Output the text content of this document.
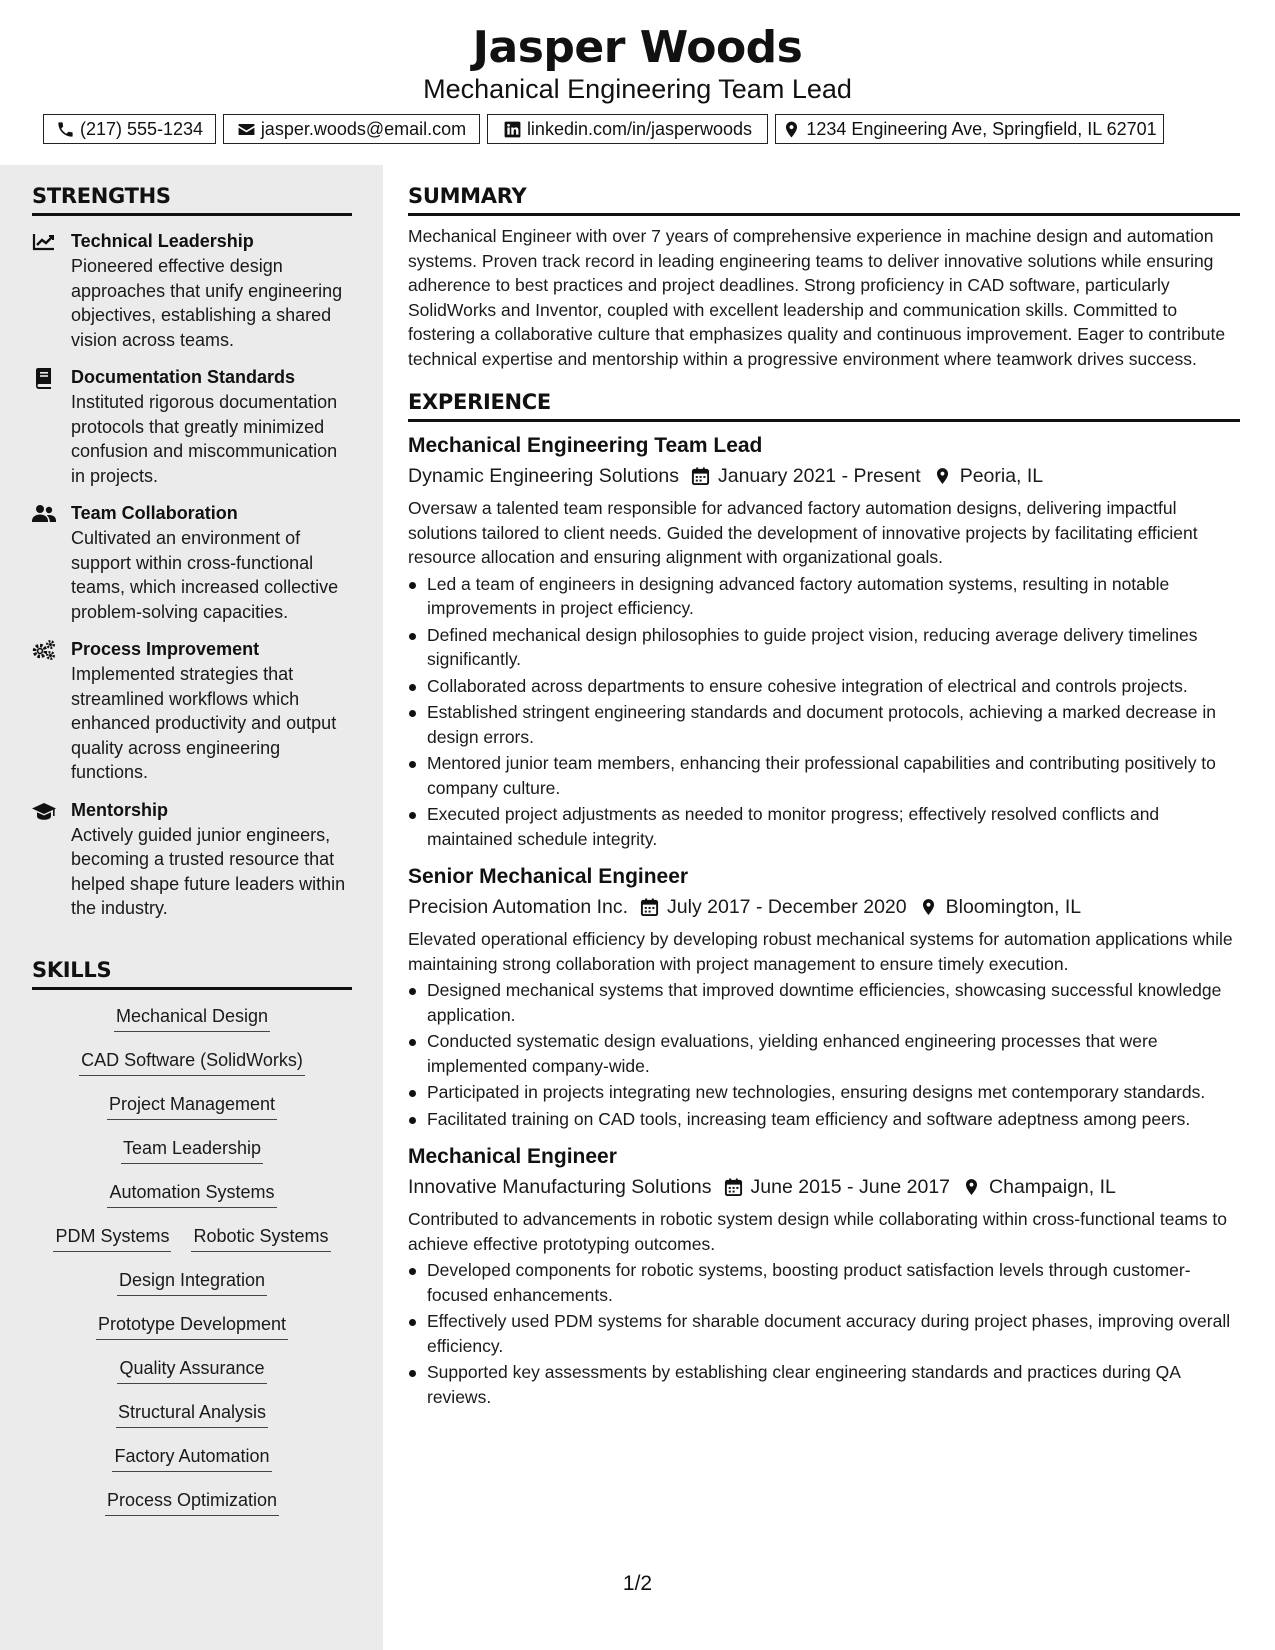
Jasper Woods
Mechanical Engineering Team Lead
(217) 555-1234	jasper.woods@email.com	linkedin.com/in/jasperwoods	1234 Engineering Ave, Springfield, IL 62701
STRENGTHS
Technical Leadership
Pioneered effective design approaches that unify engineering objectives, establishing a shared vision across teams.
Documentation Standards
Instituted rigorous documentation protocols that greatly minimized confusion and miscommunication in projects.
Team Collaboration
Cultivated an environment of support within cross-functional teams, which increased collective problem-solving capacities.
Process Improvement
Implemented strategies that streamlined workflows which enhanced productivity and output quality across engineering functions.
Mentorship
Actively guided junior engineers, becoming a trusted resource that helped shape future leaders within the industry.
SKILLS
Mechanical Design
CAD Software (SolidWorks)
Project Management
Team Leadership
Automation Systems
PDM Systems Robotic Systems
Design Integration
Prototype Development
Quality Assurance
Structural Analysis
Factory Automation
Process Optimization
SUMMARY
Mechanical Engineer with over 7 years of comprehensive experience in machine design and automation systems. Proven track record in leading engineering teams to deliver innovative solutions while ensuring adherence to best practices and project deadlines. Strong proficiency in CAD software, particularly SolidWorks and Inventor, coupled with excellent leadership and communication skills. Committed to fostering a collaborative culture that emphasizes quality and continuous improvement. Eager to contribute technical expertise and mentorship within a progressive environment where teamwork drives success.
EXPERIENCE
Mechanical Engineering Team Lead
Dynamic Engineering Solutions January 2021 - Present Peoria, IL
Oversaw a talented team responsible for advanced factory automation designs, delivering impactful solutions tailored to client needs. Guided the development of innovative projects by facilitating efficient resource allocation and ensuring alignment with organizational goals.
Led a team of engineers in designing advanced factory automation systems, resulting in notable improvements in project efficiency.
Defined mechanical design philosophies to guide project vision, reducing average delivery timelines significantly.
Collaborated across departments to ensure cohesive integration of electrical and controls projects.
Established stringent engineering standards and document protocols, achieving a marked decrease in design errors.
Mentored junior team members, enhancing their professional capabilities and contributing positively to company culture.
Executed project adjustments as needed to monitor progress; effectively resolved conflicts and maintained schedule integrity.
Senior Mechanical Engineer
Precision Automation Inc. July 2017 - December 2020 Bloomington, IL
Elevated operational efficiency by developing robust mechanical systems for automation applications while maintaining strong collaboration with project management to ensure timely execution.
Designed mechanical systems that improved downtime efficiencies, showcasing successful knowledge application.
Conducted systematic design evaluations, yielding enhanced engineering processes that were implemented company-wide.
Participated in projects integrating new technologies, ensuring designs met contemporary standards.
Facilitated training on CAD tools, increasing team efficiency and software adeptness among peers.
Mechanical Engineer
Innovative Manufacturing Solutions June 2015 - June 2017 Champaign, IL
Contributed to advancements in robotic system design while collaborating within cross-functional teams to achieve effective prototyping outcomes.
Developed components for robotic systems, boosting product satisfaction levels through customer-focused enhancements.
Effectively used PDM systems for sharable document accuracy during project phases, improving overall efficiency.
Supported key assessments by establishing clear engineering standards and practices during QA reviews.
1/2
